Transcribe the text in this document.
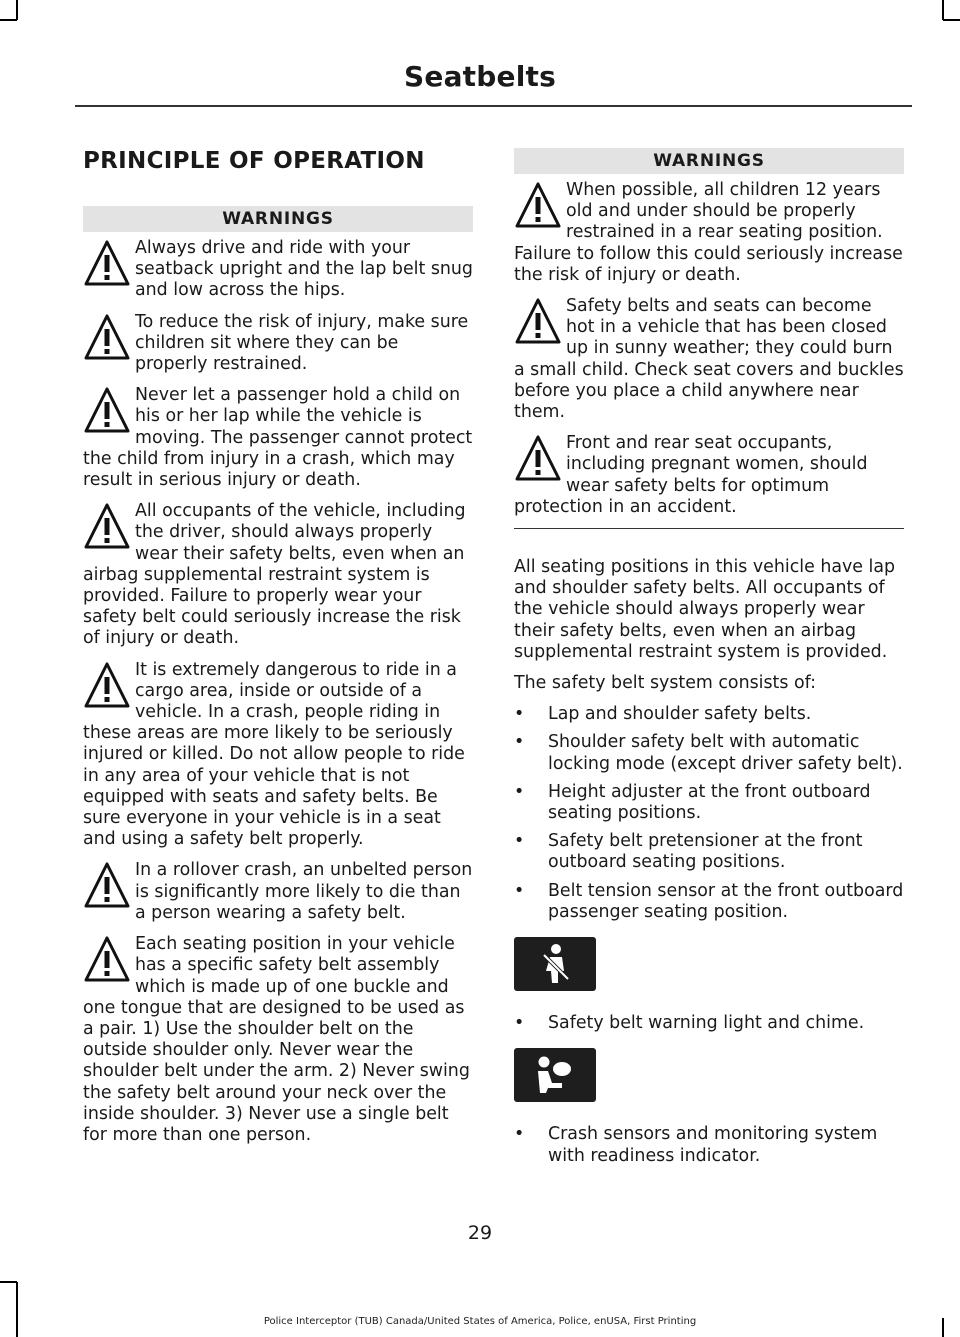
Seatbelts
PRINCIPLE OF OPERATION
WARNINGS

Always drive and ride with your seatback upright and the lap belt snug and low across the hips.

To reduce the risk of injury, make sure children sit where they can be properly restrained.

Never let a passenger hold a child on his or her lap while the vehicle is moving. The passenger cannot protect the child from injury in a crash, which may result in serious injury or death.

All occupants of the vehicle, including the driver, should always properly wear their safety belts, even when an airbag supplemental restraint system is provided. Failure to properly wear your safety belt could seriously increase the risk of injury or death.

It is extremely dangerous to ride in a cargo area, inside or outside of a vehicle. In a crash, people riding in these areas are more likely to be seriously injured or killed. Do not allow people to ride in any area of your vehicle that is not equipped with seats and safety belts. Be sure everyone in your vehicle is in a seat and using a safety belt properly.

In a rollover crash, an unbelted person is significantly more likely to die than a person wearing a safety belt.

Each seating position in your vehicle has a specific safety belt assembly which is made up of one buckle and one tongue that are designed to be used as a pair. 1) Use the shoulder belt on the outside shoulder only. Never wear the shoulder belt under the arm. 2) Never swing the safety belt around your neck over the inside shoulder. 3) Never use a single belt for more than one person.

WARNINGS

When possible, all children 12 years old and under should be properly restrained in a rear seating position. Failure to follow this could seriously increase the risk of injury or death.

Safety belts and seats can become hot in a vehicle that has been closed up in sunny weather; they could burn a small child. Check seat covers and buckles before you place a child anywhere near them.

Front and rear seat occupants, including pregnant women, should wear safety belts for optimum protection in an accident.

All seating positions in this vehicle have lap and shoulder safety belts. All occupants of the vehicle should always properly wear their safety belts, even when an airbag supplemental restraint system is provided.

The safety belt system consists of:

• Lap and shoulder safety belts.
• Shoulder safety belt with automatic locking mode (except driver safety belt).
• Height adjuster at the front outboard seating positions.
• Safety belt pretensioner at the front outboard seating positions.
• Belt tension sensor at the front outboard passenger seating position.
• Safety belt warning light and chime.
• Crash sensors and monitoring system with readiness indicator.
29
Police Interceptor (TUB) Canada/United States of America, Police, enUSA, First Printing
